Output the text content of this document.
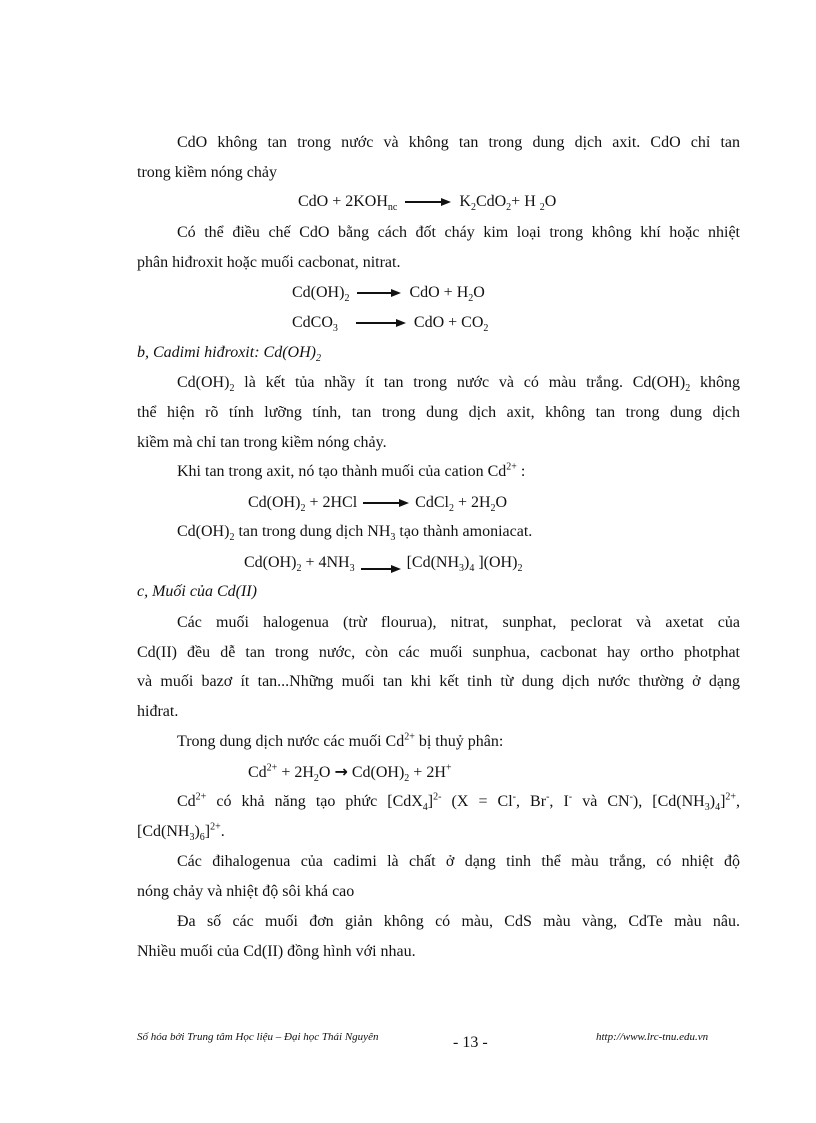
CdO không tan trong nước và không tan trong dung dịch axit. CdO chỉ tan
trong kiềm nóng chảy
CdO + $2KOH_{nc} \to K_2CdO_2+ H$ $_2$O
Có thể điều chế CdO bằng cách đốt cháy kim loại trong không khí hoặc nhiệt
phân hiđroxit hoặc muối cacbonat, nitrat.
$Cd(OH)_2$ → CdO + $H_2O$
CdCO$_3$ → CdO + $CO_2$
b, Cadimi hiđroxit: $Cd(OH)_2$
$Cd(OH)_2$ là kết tủa nhầy ít tan trong nước và có màu trắng. $Cd(OH)_2$ không
thể hiện rõ tính lưỡng tính, tan trong dung dịch axit, không tan trong dung dịch
kiềm mà chỉ tan trong kiềm nóng chảy.
Khi tan trong axit, nó tạo thành muối của cation $Cd^{2+}$ :
$Cd(OH)_2 + 2HCl$ → CdCl$_2$ + $2H_2O$
$Cd(OH)_2$ tan trong dung dịch $NH_3$ tạo thành amoniacat.
$Cd(OH)_2 + 4NH_3 \to [Cd(NH_3)_4$ ]$(OH)_2$
c, Muối của Cd(II)
Các muối halogenua (trừ flourua), nitrat, sunphat, peclorat và axetat của
Cd(II) đều dễ tan trong nước, còn các muối sunphua, cacbonat hay ortho photphat
và muối bazơ ít tan...Những muối tan khi kết tinh từ dung dịch nước thường ở dạng
hiđrat.
Trong dung dịch nước các muối $Cd^{2+}$ bị thuỷ phân:
$Cd^{2+} + 2H_2O \to Cd(OH)_2 + 2H^+$
$Cd^{2+}$ có khả năng tạo phức $[CdX_4]^{2-}$ (X = Cl-, Br-, I- và CN-), $[Cd(NH_3)_4]^{2+}$,
$[Cd(NH_3)_6]^{2+}$.
Các đihalogenua của cadimi là chất ở dạng tinh thể màu trắng, có nhiệt độ
nóng chảy và nhiệt độ sôi khá cao
Đa số các muối đơn giản không có màu, CdS màu vàng, CdTe màu nâu.
Nhiều muối của Cd(II) đồng hình với nhau.
Số hóa bởi Trung tâm Học liệu – Đại học Thái Nguyên	- 13 -	http://www.lrc-tnu.edu.vn
